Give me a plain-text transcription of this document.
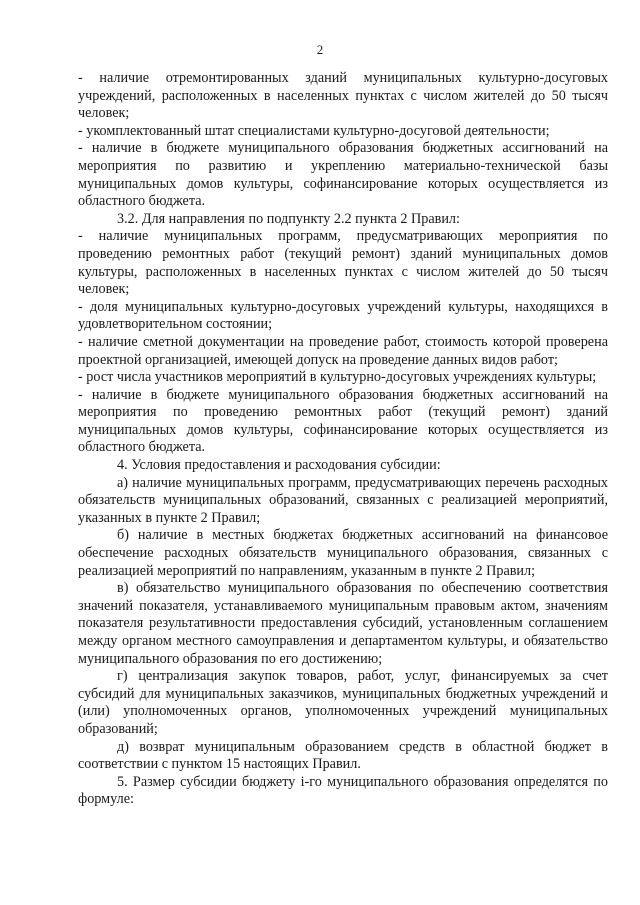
2

- наличие отремонтированных зданий муниципальных культурно-досуговых учреждений, расположенных в населенных пунктах с числом жителей до 50 тысяч человек;

- укомплектованный штат специалистами культурно-досуговой деятельности;

- наличие в бюджете муниципального образования бюджетных ассигнований на мероприятия по развитию и укреплению материально-технической базы муниципальных домов культуры, софинансирование которых осуществляется из областного бюджета.

3.2. Для направления по подпункту 2.2 пункта 2 Правил:

- наличие муниципальных программ, предусматривающих мероприятия по проведению ремонтных работ (текущий ремонт) зданий муниципальных домов культуры, расположенных в населенных пунктах с числом жителей до 50 тысяч человек;

- доля муниципальных культурно-досуговых учреждений культуры, находящихся в удовлетворительном состоянии;

- наличие сметной документации на проведение работ, стоимость которой проверена проектной организацией, имеющей допуск на проведение данных видов работ;

- рост числа участников мероприятий в культурно-досуговых учреждениях культуры;

- наличие в бюджете муниципального образования бюджетных ассигнований на мероприятия по проведению ремонтных работ (текущий ремонт) зданий муниципальных домов культуры, софинансирование которых осуществляется из областного бюджета.

4. Условия предоставления и расходования субсидии:

а) наличие муниципальных программ, предусматривающих перечень расходных обязательств муниципальных образований, связанных с реализацией мероприятий, указанных в пункте 2 Правил;

б) наличие в местных бюджетах бюджетных ассигнований на финансовое обеспечение расходных обязательств муниципального образования, связанных с реализацией мероприятий по направлениям, указанным в пункте 2 Правил;

в) обязательство муниципального образования по обеспечению соответствия значений показателя, устанавливаемого муниципальным правовым актом, значениям показателя результативности предоставления субсидий, установленным соглашением между органом местного самоуправления и департаментом культуры, и обязательство муниципального образования по его достижению;

г) централизация закупок товаров, работ, услуг, финансируемых за счет субсидий для муниципальных заказчиков, муниципальных бюджетных учреждений и (или) уполномоченных органов, уполномоченных учреждений муниципальных образований;

д) возврат муниципальным образованием средств в областной бюджет в соответствии с пунктом 15 настоящих Правил.

5. Размер субсидии бюджету i-го муниципального образования определятся по формуле:
